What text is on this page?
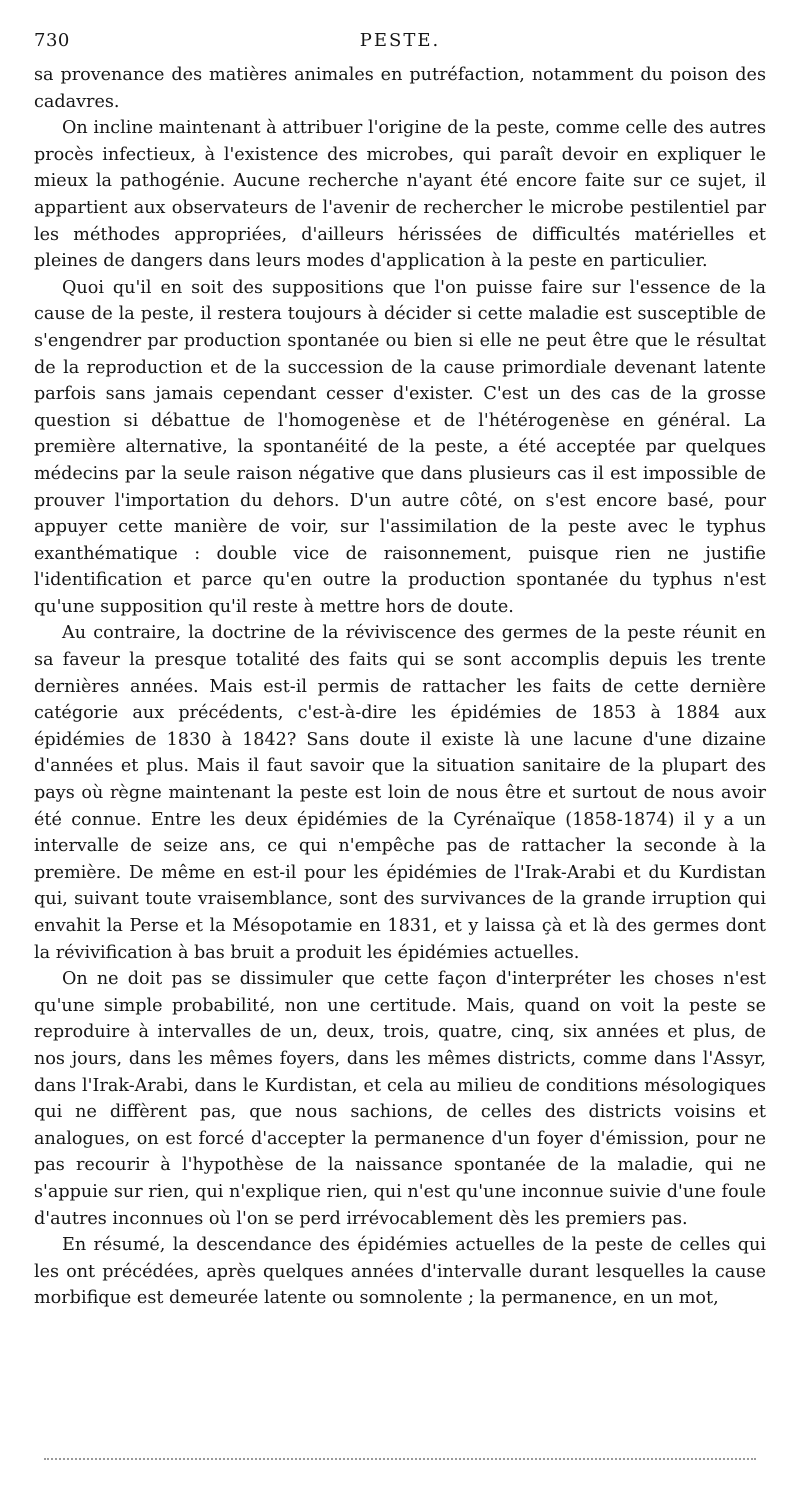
730	PESTE.

sa provenance des matières animales en putréfaction, notamment du poison des cadavres.

On incline maintenant à attribuer l'origine de la peste, comme celle des autres procès infectieux, à l'existence des microbes, qui paraît devoir en expliquer le mieux la pathogénie. Aucune recherche n'ayant été encore faite sur ce sujet, il appartient aux observateurs de l'avenir de rechercher le microbe pestilentiel par les méthodes appropriées, d'ailleurs hérissées de difficultés matérielles et pleines de dangers dans leurs modes d'application à la peste en particulier.

Quoi qu'il en soit des suppositions que l'on puisse faire sur l'essence de la cause de la peste, il restera toujours à décider si cette maladie est susceptible de s'engendrer par production spontanée ou bien si elle ne peut être que le résultat de la reproduction et de la succession de la cause primordiale devenant latente parfois sans jamais cependant cesser d'exister. C'est un des cas de la grosse question si débattue de l'homogenèse et de l'hétérogenèse en général. La première alternative, la spontanéité de la peste, a été acceptée par quelques médecins par la seule raison négative que dans plusieurs cas il est impossible de prouver l'importation du dehors. D'un autre côté, on s'est encore basé, pour appuyer cette manière de voir, sur l'assimilation de la peste avec le typhus exanthématique : double vice de raisonnement, puisque rien ne justifie l'identification et parce qu'en outre la production spontanée du typhus n'est qu'une supposition qu'il reste à mettre hors de doute.

Au contraire, la doctrine de la réviviscence des germes de la peste réunit en sa faveur la presque totalité des faits qui se sont accomplis depuis les trente dernières années. Mais est-il permis de rattacher les faits de cette dernière catégorie aux précédents, c'est-à-dire les épidémies de 1853 à 1884 aux épidémies de 1830 à 1842? Sans doute il existe là une lacune d'une dizaine d'années et plus. Mais il faut savoir que la situation sanitaire de la plupart des pays où règne maintenant la peste est loin de nous être et surtout de nous avoir été connue. Entre les deux épidémies de la Cyrénaïque (1858-1874) il y a un intervalle de seize ans, ce qui n'empêche pas de rattacher la seconde à la première. De même en est-il pour les épidémies de l'Irak-Arabi et du Kurdistan qui, suivant toute vraisemblance, sont des survivances de la grande irruption qui envahit la Perse et la Mésopotamie en 1831, et y laissa çà et là des germes dont la révivification à bas bruit a produit les épidémies actuelles.

On ne doit pas se dissimuler que cette façon d'interpréter les choses n'est qu'une simple probabilité, non une certitude. Mais, quand on voit la peste se reproduire à intervalles de un, deux, trois, quatre, cinq, six années et plus, de nos jours, dans les mêmes foyers, dans les mêmes districts, comme dans l'Assyr, dans l'Irak-Arabi, dans le Kurdistan, et cela au milieu de conditions mésologiques qui ne diffèrent pas, que nous sachions, de celles des districts voisins et analogues, on est forcé d'accepter la permanence d'un foyer d'émission, pour ne pas recourir à l'hypothèse de la naissance spontanée de la maladie, qui ne s'appuie sur rien, qui n'explique rien, qui n'est qu'une inconnue suivie d'une foule d'autres inconnues où l'on se perd irrévocablement dès les premiers pas.

En résumé, la descendance des épidémies actuelles de la peste de celles qui les ont précédées, après quelques années d'intervalle durant lesquelles la cause morbifique est demeurée latente ou somnolente ; la permanence, en un mot,
